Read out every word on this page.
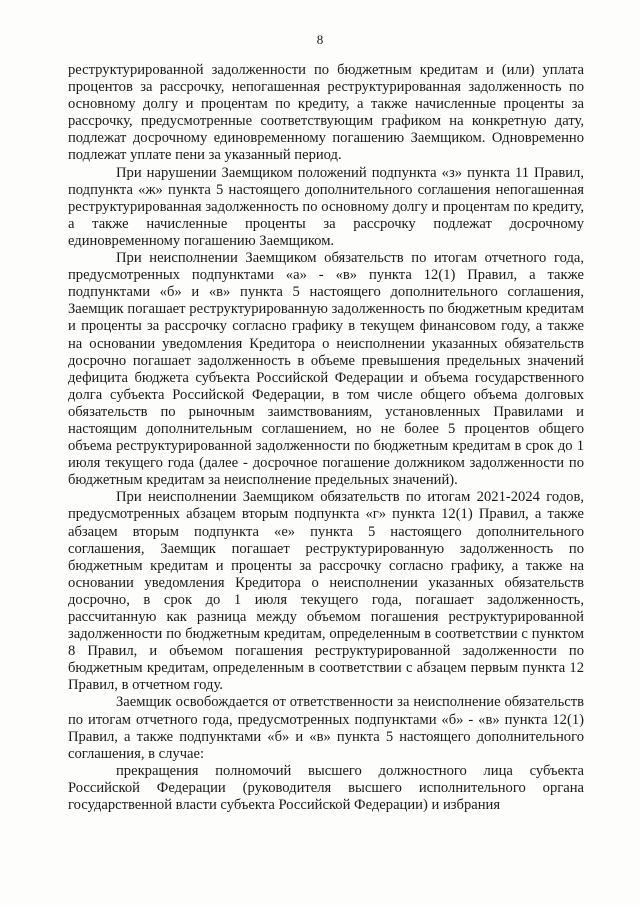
8

реструктурированной задолженности по бюджетным кредитам и (или) уплата процентов за рассрочку, непогашенная реструктурированная задолженность по основному долгу и процентам по кредиту, а также начисленные проценты за рассрочку, предусмотренные соответствующим графиком на конкретную дату, подлежат досрочному единовременному погашению Заемщиком. Одновременно подлежат уплате пени за указанный период.

При нарушении Заемщиком положений подпункта «з» пункта 11 Правил, подпункта «ж» пункта 5 настоящего дополнительного соглашения непогашенная реструктурированная задолженность по основному долгу и процентам по кредиту, а также начисленные проценты за рассрочку подлежат досрочному единовременному погашению Заемщиком.

При неисполнении Заемщиком обязательств по итогам отчетного года, предусмотренных подпунктами «а» - «в» пункта 12(1) Правил, а также подпунктами «б» и «в» пункта 5 настоящего дополнительного соглашения, Заемщик погашает реструктурированную задолженность по бюджетным кредитам и проценты за рассрочку согласно графику в текущем финансовом году, а также на основании уведомления Кредитора о неисполнении указанных обязательств досрочно погашает задолженность в объеме превышения предельных значений дефицита бюджета субъекта Российской Федерации и объема государственного долга субъекта Российской Федерации, в том числе общего объема долговых обязательств по рыночным заимствованиям, установленных Правилами и настоящим дополнительным соглашением, но не более 5 процентов общего объема реструктурированной задолженности по бюджетным кредитам в срок до 1 июля текущего года (далее - досрочное погашение должником задолженности по бюджетным кредитам за неисполнение предельных значений).

При неисполнении Заемщиком обязательств по итогам 2021-2024 годов, предусмотренных абзацем вторым подпункта «г» пункта 12(1) Правил, а также абзацем вторым подпункта «е» пункта 5 настоящего дополнительного соглашения, Заемщик погашает реструктурированную задолженность по бюджетным кредитам и проценты за рассрочку согласно графику, а также на основании уведомления Кредитора о неисполнении указанных обязательств досрочно, в срок до 1 июля текущего года, погашает задолженность, рассчитанную как разница между объемом погашения реструктурированной задолженности по бюджетным кредитам, определенным в соответствии с пунктом 8 Правил, и объемом погашения реструктурированной задолженности по бюджетным кредитам, определенным в соответствии с абзацем первым пункта 12 Правил, в отчетном году.

Заемщик освобождается от ответственности за неисполнение обязательств по итогам отчетного года, предусмотренных подпунктами «б» - «в» пункта 12(1) Правил, а также подпунктами «б» и «в» пункта 5 настоящего дополнительного соглашения, в случае:

прекращения полномочий высшего должностного лица субъекта Российской Федерации (руководителя высшего исполнительного органа государственной власти субъекта Российской Федерации) и избрания
